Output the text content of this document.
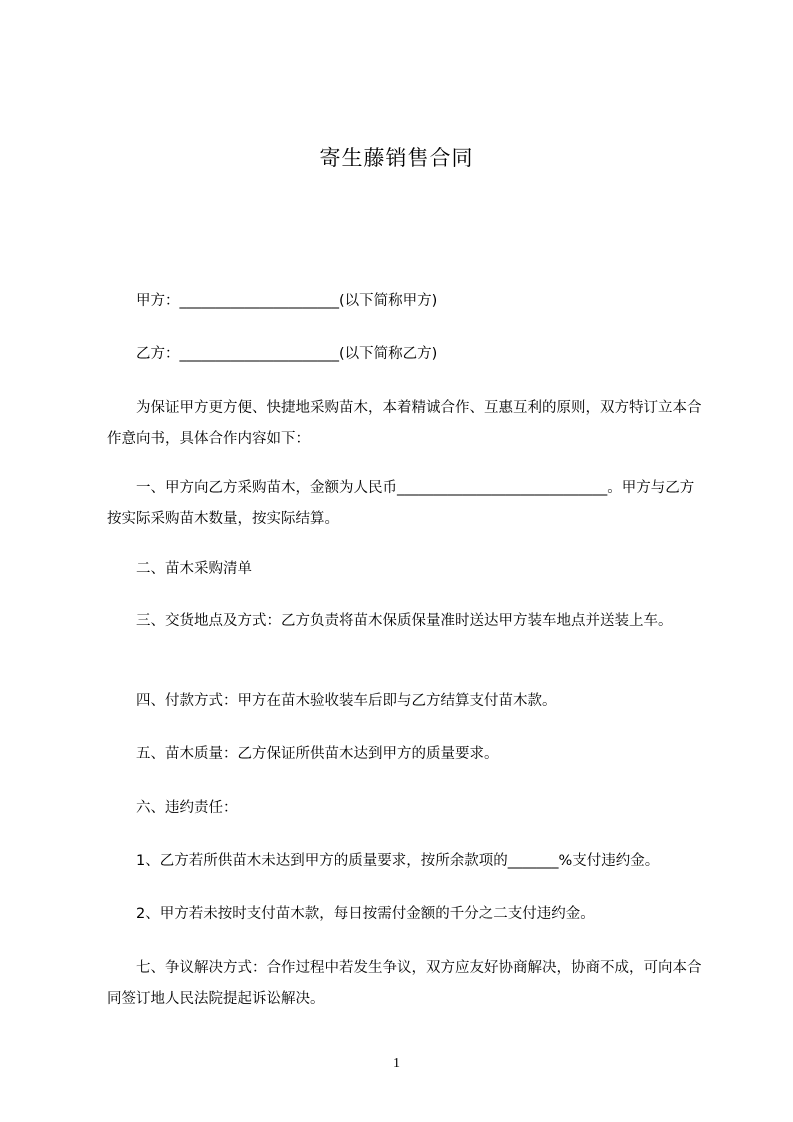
寄生藤销售合同
甲方：______________________(以下简称甲方)
乙方：______________________(以下简称乙方)
为保证甲方更方便、快捷地采购苗木，本着精诚合作、互惠互利的原则，双方特订立本合作意向书，具体合作内容如下：
一、甲方向乙方采购苗木，金额为人民币_____________________________。甲方与乙方按实际采购苗木数量，按实际结算。
二、苗木采购清单
三、交货地点及方式：乙方负责将苗木保质保量准时送达甲方装车地点并送装上车。
四、付款方式：甲方在苗木验收装车后即与乙方结算支付苗木款。
五、苗木质量：乙方保证所供苗木达到甲方的质量要求。
六、违约责任：
1、乙方若所供苗木未达到甲方的质量要求，按所余款项的_______%支付违约金。
2、甲方若未按时支付苗木款，每日按需付金额的千分之二支付违约金。
七、争议解决方式：合作过程中若发生争议，双方应友好协商解决，协商不成，可向本合同签订地人民法院提起诉讼解决。
1
